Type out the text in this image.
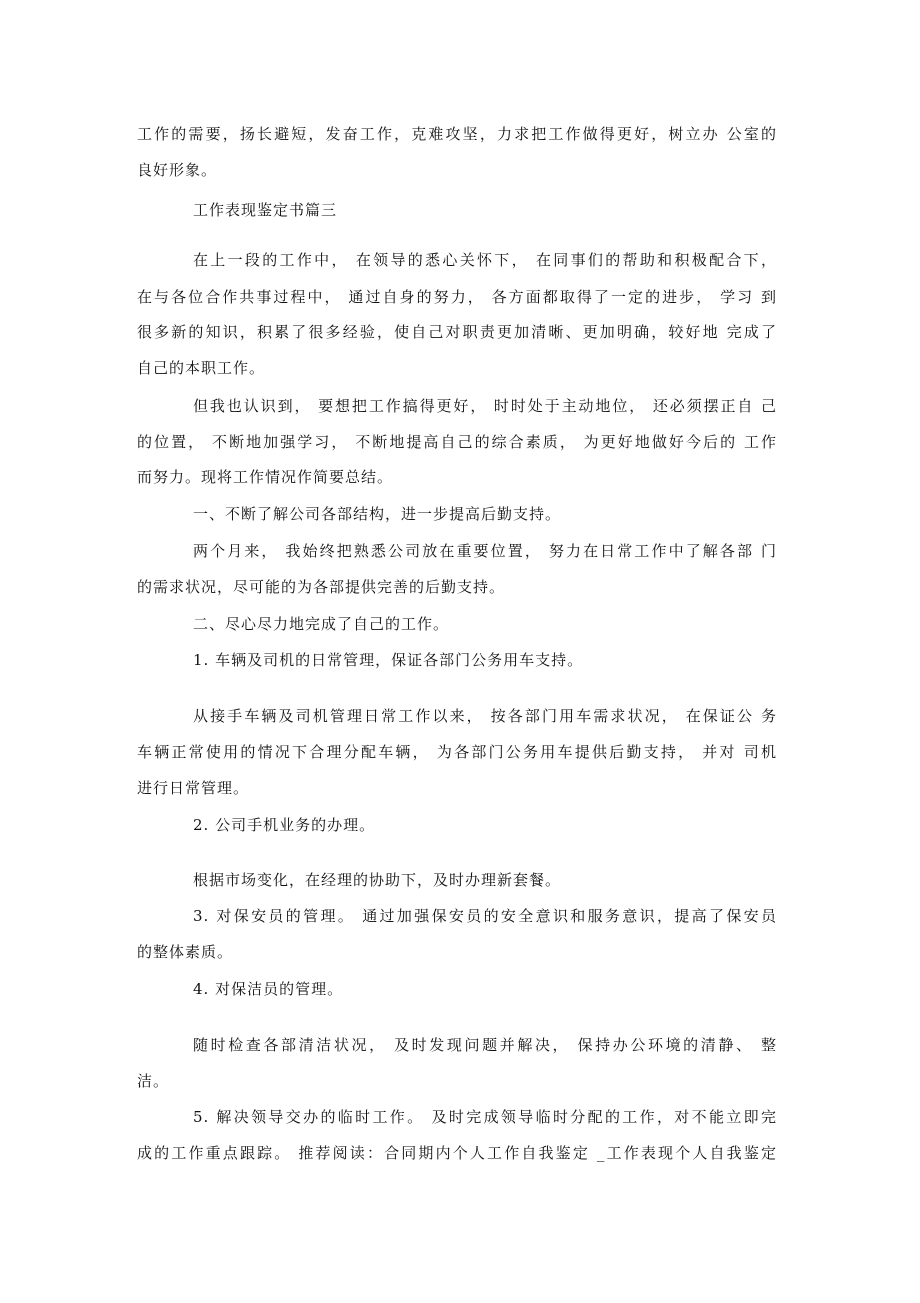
工作的需要，扬长避短，发奋工作，克难攻坚，力求把工作做得更好，树立办 公室的
良好形象。
工作表现鉴定书篇三
在上一段的工作中， 在领导的悉心关怀下， 在同事们的帮助和积极配合下，
在与各位合作共事过程中， 通过自身的努力， 各方面都取得了一定的进步， 学习 到
很多新的知识，积累了很多经验，使自己对职责更加清晰、更加明确，较好地 完成了
自己的本职工作。
但我也认识到， 要想把工作搞得更好， 时时处于主动地位， 还必须摆正自 己
的位置， 不断地加强学习， 不断地提高自己的综合素质， 为更好地做好今后的 工作
而努力。现将工作情况作简要总结。
一、不断了解公司各部结构，进一步提高后勤支持。
两个月来， 我始终把熟悉公司放在重要位置， 努力在日常工作中了解各部 门
的需求状况，尽可能的为各部提供完善的后勤支持。
二、尽心尽力地完成了自己的工作。
1. 车辆及司机的日常管理，保证各部门公务用车支持。
从接手车辆及司机管理日常工作以来， 按各部门用车需求状况， 在保证公 务
车辆正常使用的情况下合理分配车辆， 为各部门公务用车提供后勤支持， 并对 司机
进行日常管理。
2. 公司手机业务的办理。
根据市场变化，在经理的协助下，及时办理新套餐。
3. 对保安员的管理。 通过加强保安员的安全意识和服务意识，提高了保安员
的整体素质。
4. 对保洁员的管理。
随时检查各部清洁状况， 及时发现问题并解决， 保持办公环境的清静、 整
洁。
5. 解决领导交办的临时工作。 及时完成领导临时分配的工作，对不能立即完
成的工作重点跟踪。 推荐阅读：合同期内个人工作自我鉴定 _工作表现个人自我鉴定
